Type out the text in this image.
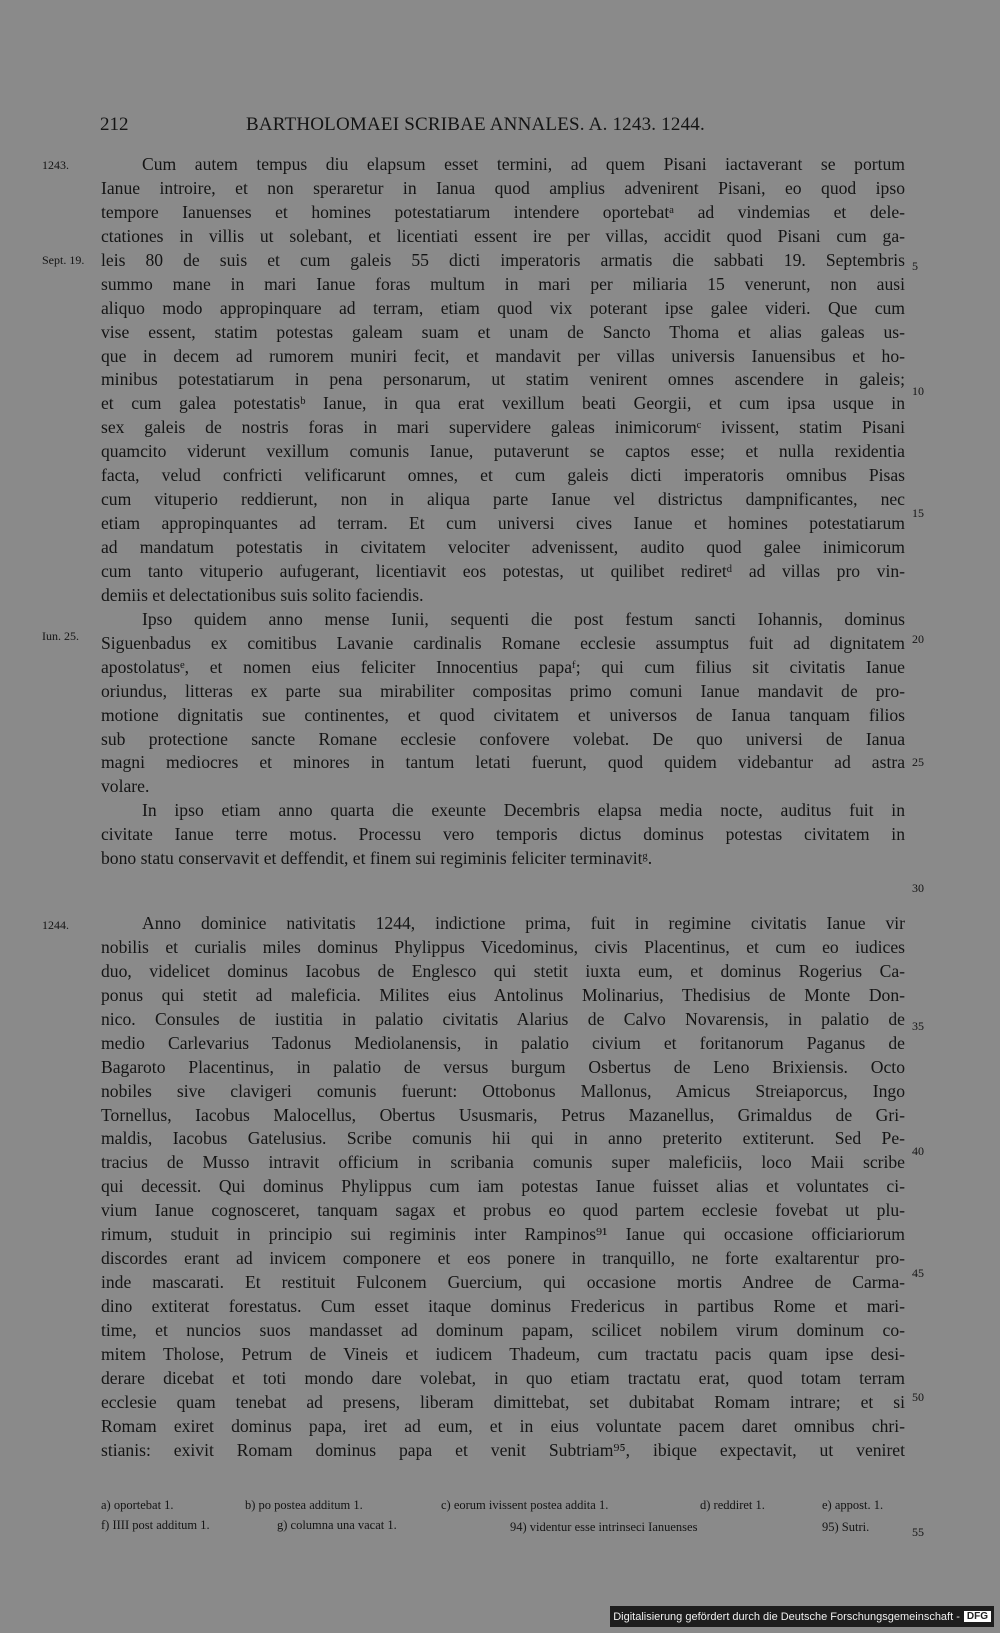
212	BARTHOLOMAEI SCRIBAE ANNALES. A. 1243. 1244.
1243.
Sept. 19.
Iun. 25.
1244.
Cum autem tempus diu elapsum esset termini, ad quem Pisani iactaverant se portum
Ianue introire, et non speraretur in Ianua quod amplius advenirent Pisani, eo quod ipso
tempore Ianuenses et homines potestatiarum intendere oportebatᵃ ad vindemias et dele-
ctationes in villis ut solebant, et licentiati essent ire per villas, accidit quod Pisani cum ga-
leis 80 de suis et cum galeis 55 dicti imperatoris armatis die sabbati 19. Septembris
summo mane in mari Ianue foras multum in mari per miliaria 15 venerunt, non ausi
aliquo modo appropinquare ad terram, etiam quod vix poterant ipse galee videri. Que cum
vise essent, statim potestas galeam suam et unam de Sancto Thoma et alias galeas us-
que in decem ad rumorem muniri fecit, et mandavit per villas universis Ianuensibus et ho-
minibus potestatiarum in pena personarum, ut statim venirent omnes ascendere in galeis;
et cum galea potestatisᵇ Ianue, in qua erat vexillum beati Georgii, et cum ipsa usque in
sex galeis de nostris foras in mari supervidere galeas inimicorumᶜ ivissent, statim Pisani
quamcito viderunt vexillum comunis Ianue, putaverunt se captos esse; et nulla rexidentia
facta, velud confricti velificarunt omnes, et cum galeis dicti imperatoris omnibus Pisas
cum vituperio reddierunt, non in aliqua parte Ianue vel districtus dampnificantes, nec
etiam appropinquantes ad terram. Et cum universi cives Ianue et homines potestatiarum
ad mandatum potestatis in civitatem velociter advenissent, audito quod galee inimicorum
cum tanto vituperio aufugerant, licentiavit eos potestas, ut quilibet rediretᵈ ad villas pro vin-
demiis et delectationibus suis solito faciendis.
Ipso quidem anno mense Iunii, sequenti die post festum sancti Iohannis, dominus
Siguenbadus ex comitibus Lavanie cardinalis Romane ecclesie assumptus fuit ad dignitatem
apostolatusᵉ, et nomen eius feliciter Innocentius papaᶠ; qui cum filius sit civitatis Ianue
oriundus, litteras ex parte sua mirabiliter compositas primo comuni Ianue mandavit de pro-
motione dignitatis sue continentes, et quod civitatem et universos de Ianua tanquam filios
sub protectione sancte Romane ecclesie confovere volebat. De quo universi de Ianua
magni mediocres et minores in tantum letati fuerunt, quod quidem videbantur ad astra
volare.
In ipso etiam anno quarta die exeunte Decembris elapsa media nocte, auditus fuit in
civitate Ianue terre motus. Processu vero temporis dictus dominus potestas civitatem in
bono statu conservavit et deffendit, et finem sui regiminis feliciter terminavitᵍ.
Anno dominice nativitatis 1244, indictione prima, fuit in regimine civitatis Ianue vir
nobilis et curialis miles dominus Phylippus Vicedominus, civis Placentinus, et cum eo iudices
duo, videlicet dominus Iacobus de Englesco qui stetit iuxta eum, et dominus Rogerius Ca-
ponus qui stetit ad maleficia. Milites eius Antolinus Molinarius, Thedisius de Monte Don-
nico. Consules de iustitia in palatio civitatis Alarius de Calvo Novarensis, in palatio de
medio Carlevarius Tadonus Mediolanensis, in palatio civium et foritanorum Paganus de
Bagaroto Placentinus, in palatio de versus burgum Osbertus de Leno Brixiensis. Octo
nobiles sive clavigeri comunis fuerunt: Ottobonus Mallonus, Amicus Streiaporcus, Ingo
Tornellus, Iacobus Malocellus, Obertus Ususmaris, Petrus Mazanellus, Grimaldus de Gri-
maldis, Iacobus Gatelusius. Scribe comunis hii qui in anno preterito extiterunt. Sed Pe-
tracius de Musso intravit officium in scribania comunis super maleficiis, loco Maii scribe
qui decessit. Qui dominus Phylippus cum iam potestas Ianue fuisset alias et voluntates ci-
vium Ianue cognosceret, tanquam sagax et probus eo quod partem ecclesie fovebat ut plu-
rimum, studuit in principio sui regiminis inter Rampinos⁹¹ Ianue qui occasione officiariorum
discordes erant ad invicem componere et eos ponere in tranquillo, ne forte exaltarentur pro-
inde mascarati. Et restituit Fulconem Guercium, qui occasione mortis Andree de Carma-
dino extiterat forestatus. Cum esset itaque dominus Fredericus in partibus Rome et mari-
time, et nuncios suos mandasset ad dominum papam, scilicet nobilem virum dominum co-
mitem Tholose, Petrum de Vineis et iudicem Thadeum, cum tractatu pacis quam ipse desi-
derare dicebat et toti mondo dare volebat, in quo etiam tractatu erat, quod totam terram
ecclesie quam tenebat ad presens, liberam dimittebat, set dubitabat Romam intrare; et si
Romam exiret dominus papa, iret ad eum, et in eius voluntate pacem daret omnibus chri-
stianis: exivit Romam dominus papa et venit Subtriam⁹⁵, ibique expectavit, ut veniret
5
10
15
20
25
30
35
40
45
50
55
a) oportebat 1.	b) po postea additum 1.	c) eorum ivissent postea addita 1.	d) reddiret 1.	e) appost. 1.
f) IIII post additum 1.	g) columna una vacat 1.	94) videntur esse intrinseci Ianuenses	95) Sutri.
Digitalisierung gefördert durch die Deutsche Forschungsgemeinschaft - DFG
